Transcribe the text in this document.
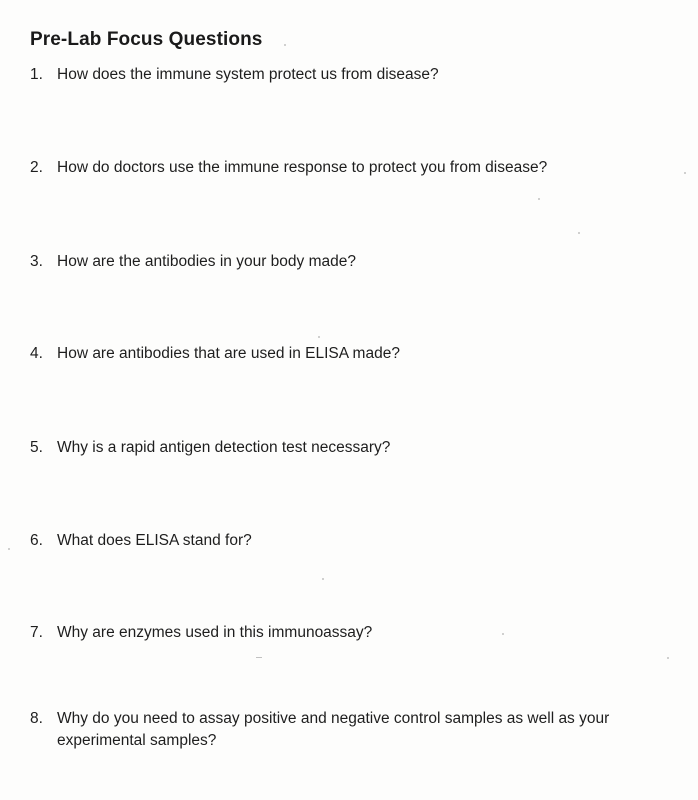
Pre-Lab Focus Questions
1. How does the immune system protect us from disease?
2. How do doctors use the immune response to protect you from disease?
3. How are the antibodies in your body made?
4. How are antibodies that are used in ELISA made?
5. Why is a rapid antigen detection test necessary?
6. What does ELISA stand for?
7. Why are enzymes used in this immunoassay?
8. Why do you need to assay positive and negative control samples as well as your experimental samples?
